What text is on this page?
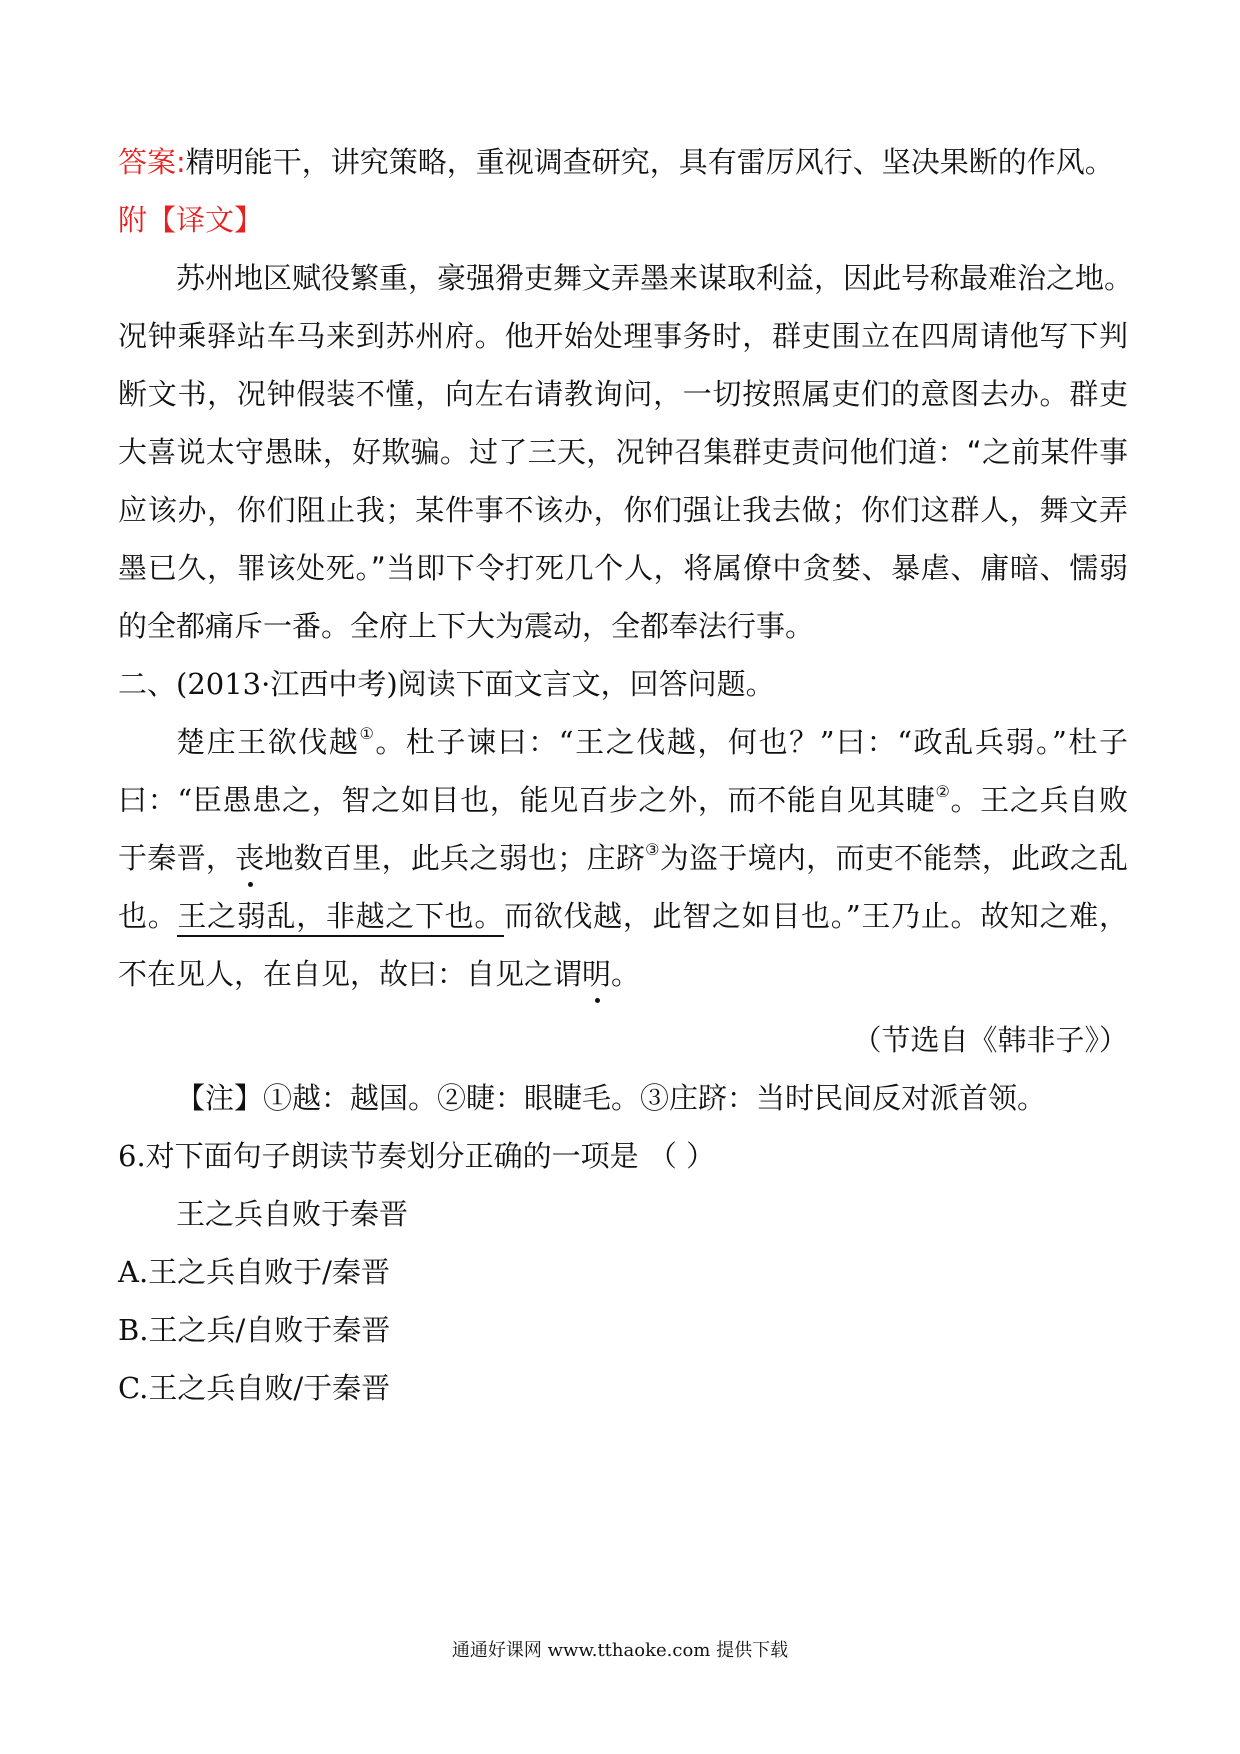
答案:精明能干，讲究策略，重视调查研究，具有雷厉风行、坚决果断的作风。
附【译文】
苏州地区赋役繁重，豪强猾吏舞文弄墨来谋取利益，因此号称最难治之地。
况钟乘驿站车马来到苏州府。他开始处理事务时，群吏围立在四周请他写下判
断文书，况钟假装不懂，向左右请教询问，一切按照属吏们的意图去办。群吏
大喜说太守愚昧，好欺骗。过了三天，况钟召集群吏责问他们道：“之前某件事
应该办，你们阻止我；某件事不该办，你们强让我去做；你们这群人，舞文弄
墨已久，罪该处死。”当即下令打死几个人，将属僚中贪婪、暴虐、庸暗、懦弱
的全都痛斥一番。全府上下大为震动，全都奉法行事。
二、(2013·江西中考)阅读下面文言文，回答问题。
楚庄王欲伐越①。杜子谏曰：“王之伐越，何也？”曰：“政乱兵弱。”杜子
曰：“臣愚患之，智之如目也，能见百步之外，而不能自见其睫②。王之兵自败
于秦晋，丧地数百里，此兵之弱也；庄跻③为盗于境内，而吏不能禁，此政之乱
也。王之弱乱，非越之下也。而欲伐越，此智之如目也。”王乃止。故知之难，
不在见人，在自见，故曰：自见之谓明。
（节选自《韩非子》）
【注】①越：越国。②睫：眼睫毛。③庄跻：当时民间反对派首领。
6.对下面句子朗读节奏划分正确的一项是 （ ）
王之兵自败于秦晋
A.王之兵自败于/秦晋
B.王之兵/自败于秦晋
C.王之兵自败/于秦晋
通通好课网 www.tthaoke.com 提供下载
